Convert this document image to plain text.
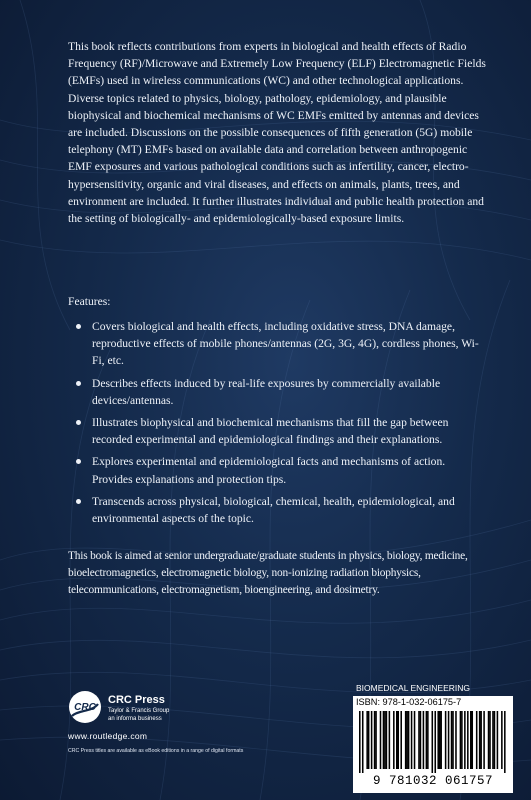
This book reflects contributions from experts in biological and health effects of Radio Frequency (RF)/Microwave and Extremely Low Frequency (ELF) Electromagnetic Fields (EMFs) used in wireless communications (WC) and other technological applications. Diverse topics related to physics, biology, pathology, epidemiology, and plausible biophysical and biochemical mechanisms of WC EMFs emitted by antennas and devices are included. Discussions on the possible consequences of fifth generation (5G) mobile telephony (MT) EMFs based on available data and correlation between anthropogenic EMF exposures and various pathological conditions such as infertility, cancer, electro-hypersensitivity, organic and viral diseases, and effects on animals, plants, trees, and environment are included. It further illustrates individual and public health protection and the setting of biologically- and epidemiologically-based exposure limits.

Features:

Covers biological and health effects, including oxidative stress, DNA damage, reproductive effects of mobile phones/antennas (2G, 3G, 4G), cordless phones, Wi-Fi, etc.
Describes effects induced by real-life exposures by commercially available devices/antennas.
Illustrates biophysical and biochemical mechanisms that fill the gap between recorded experimental and epidemiological findings and their explanations.
Explores experimental and epidemiological facts and mechanisms of action. Provides explanations and protection tips.
Transcends across physical, biological, chemical, health, epidemiological, and environmental aspects of the topic.

This book is aimed at senior undergraduate/graduate students in physics, biology, medicine, bioelectromagnetics, electromagnetic biology, non-ionizing radiation biophysics, telecommunications, electromagnetism, bioengineering, and dosimetry.

CRC
CRC Press
Taylor & Francis Group
an informa business
www.routledge.com
CRC Press titles are available as eBook editions in a range of digital formats
BIOMEDICAL ENGINEERING
ISBN: 978-1-032-06175-7
9 781032 061757
